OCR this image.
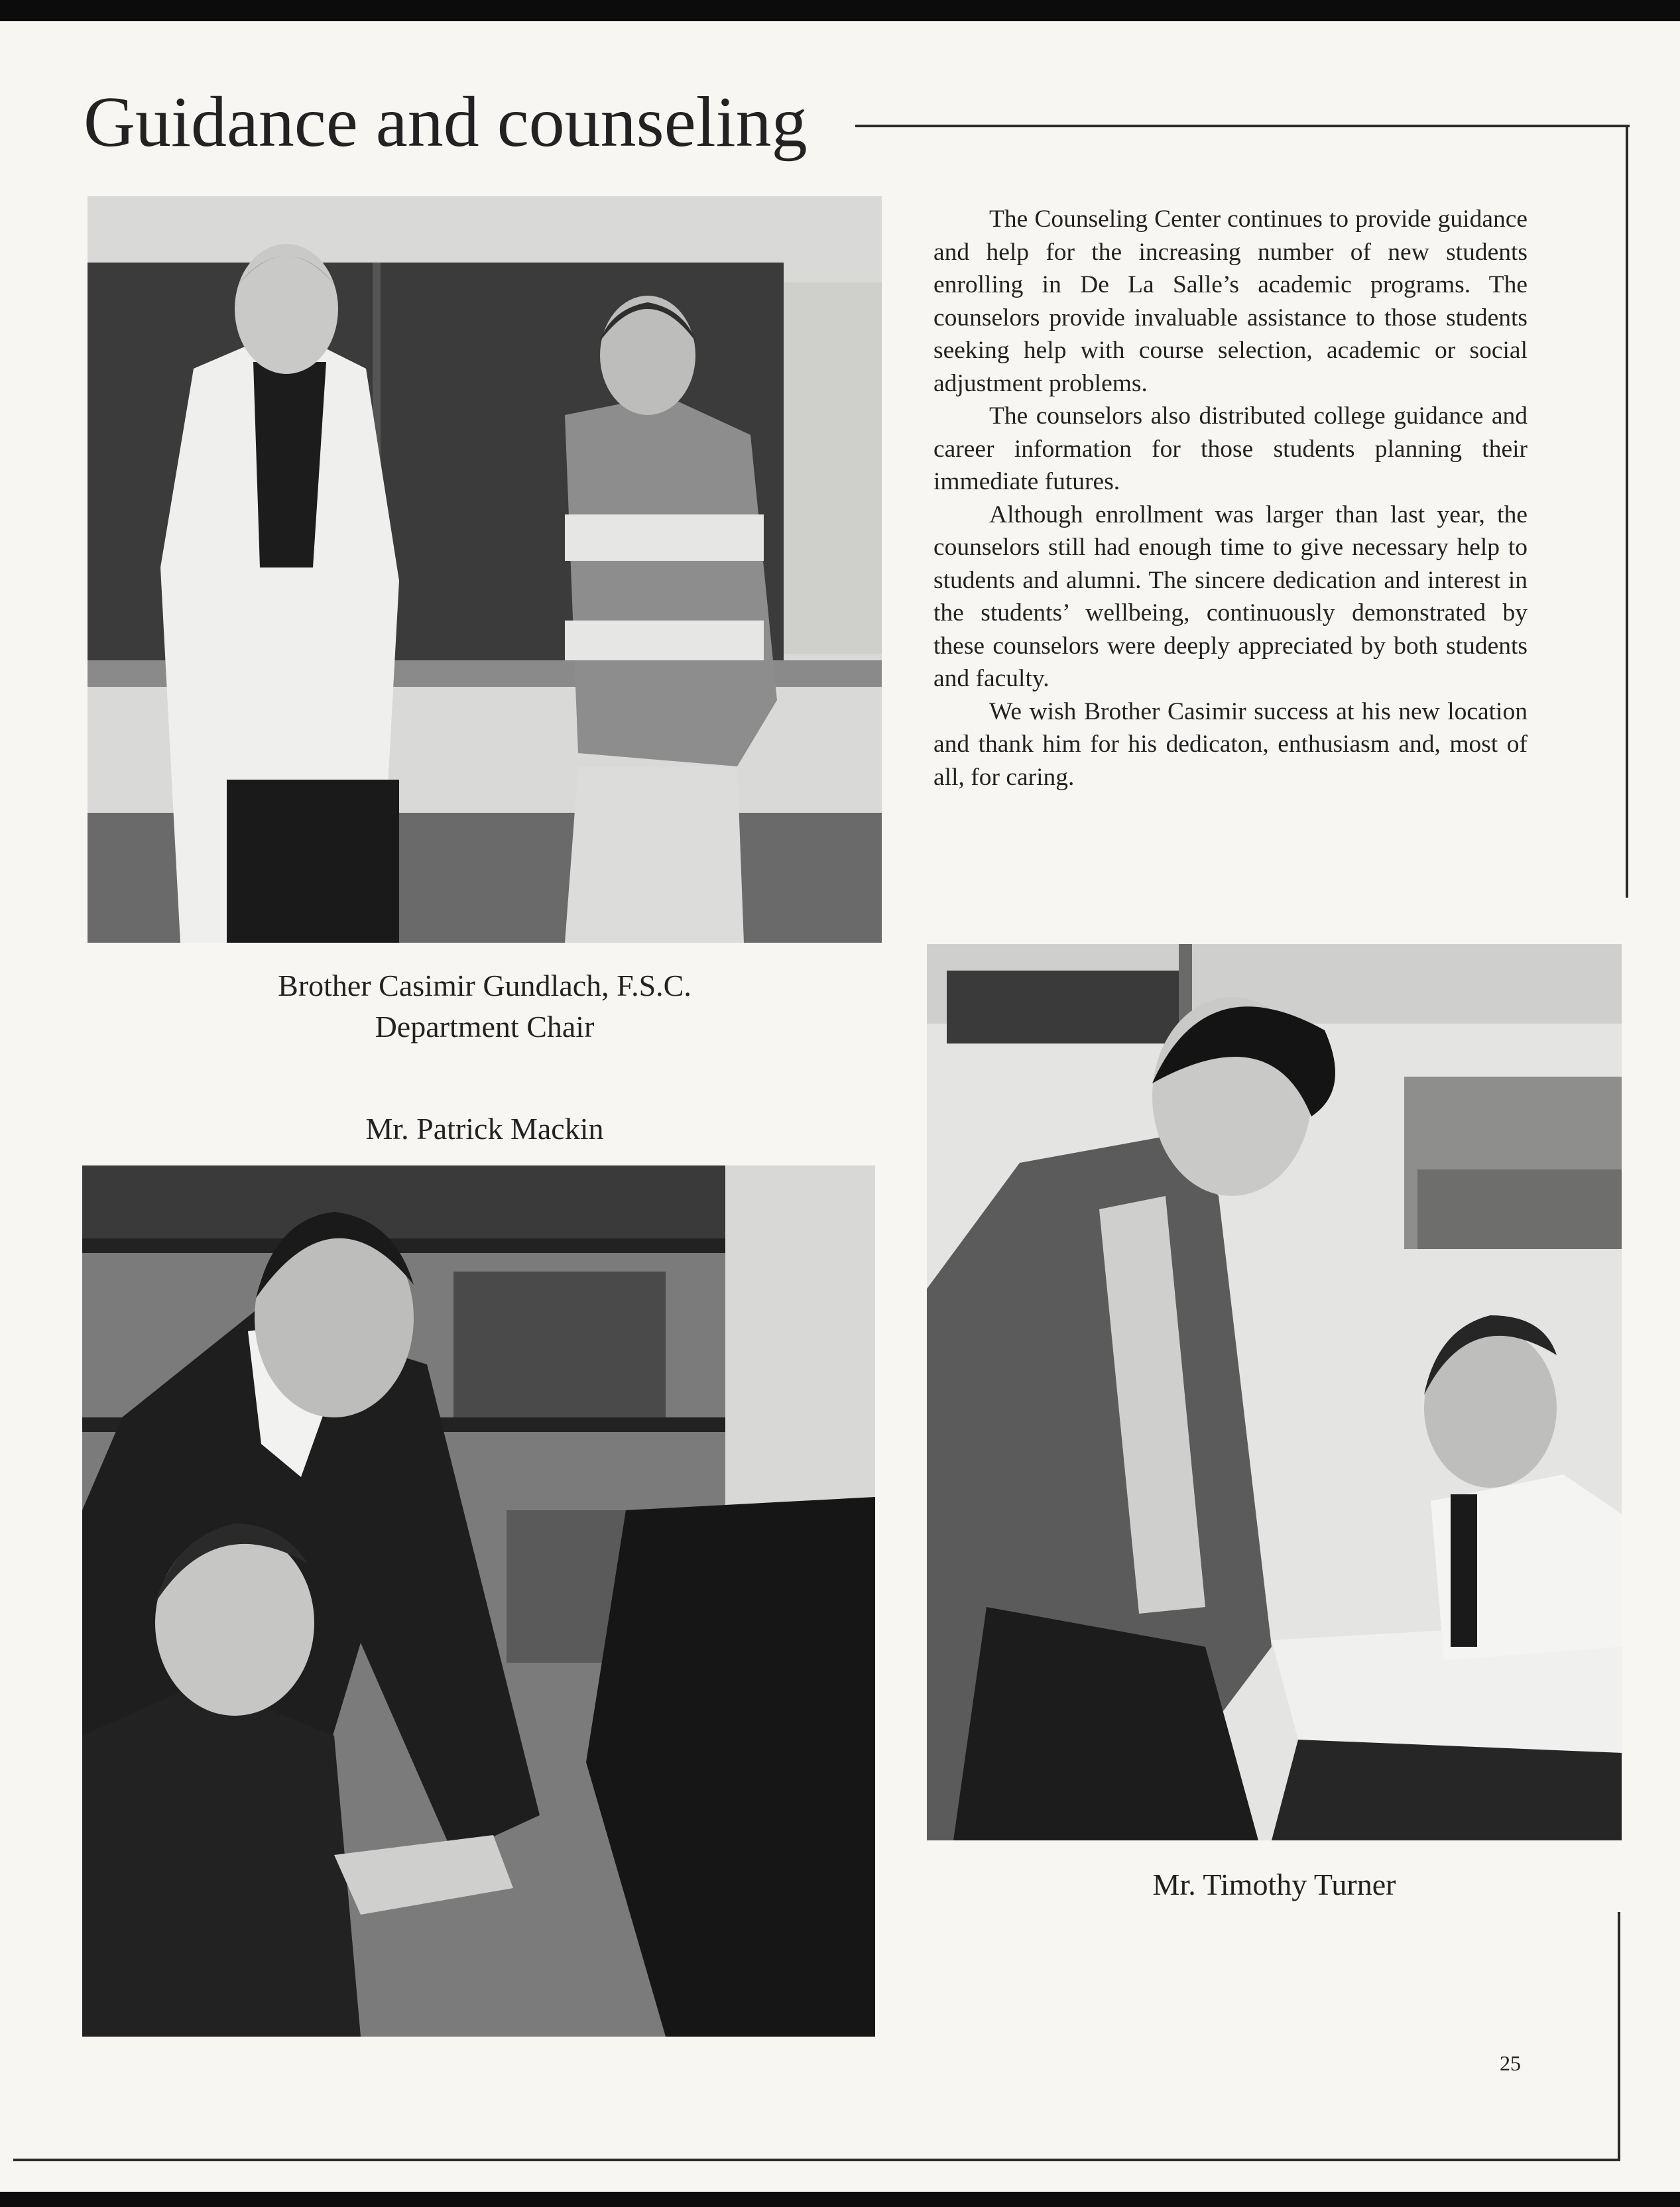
Guidance and counseling
Brother Casimir Gundlach, F.S.C.
Department Chair
Mr. Patrick Mackin
Mr. Timothy Turner

The Counseling Center continues to provide guidance and help for the increasing number of new students enrolling in De La Salle’s academic programs. The counselors provide invaluable assistance to those students seeking help with course selection, academic or social adjustment problems.

The counselors also distributed college guidance and career information for those students planning their immediate futures.

Although enrollment was larger than last year, the counselors still had enough time to give necessary help to students and alumni. The sincere dedication and interest in the students’ wellbeing, continuously demonstrated by these counselors were deeply appreciated by both students and faculty.

We wish Brother Casimir success at his new location and thank him for his dedicaton, enthusiasm and, most of all, for caring.

25
